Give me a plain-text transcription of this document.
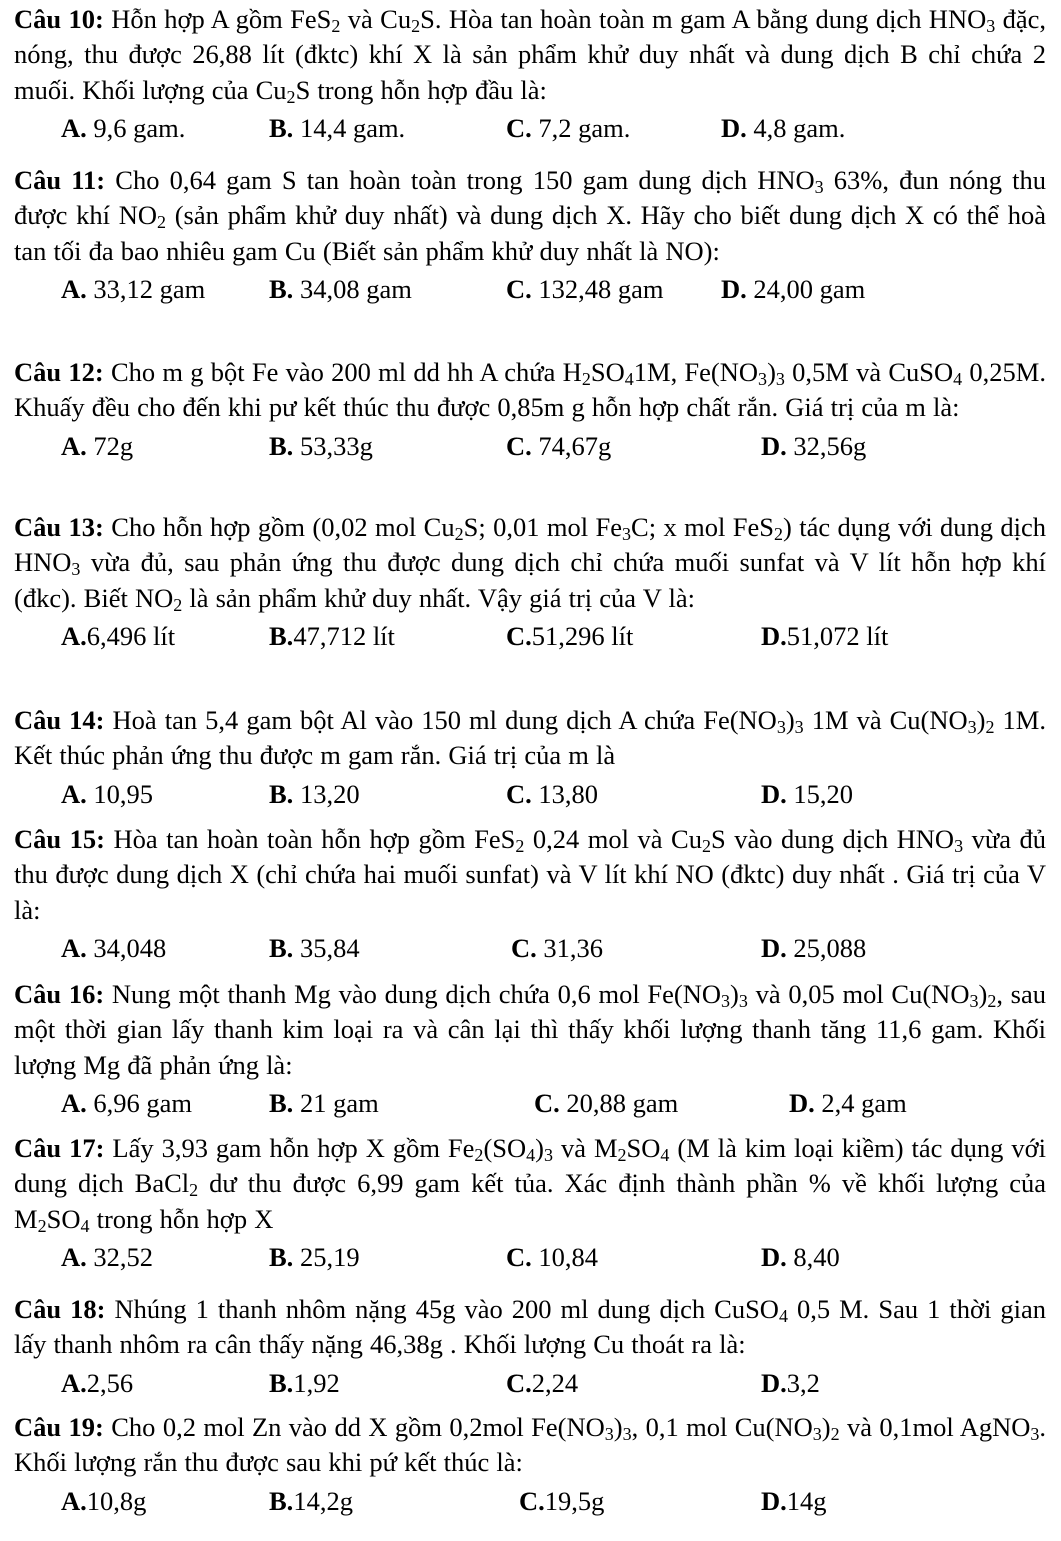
Câu 10: Hỗn hợp A gồm FeS$_2$ và $Cu_2S$. Hòa tan hoàn toàn m gam A bằng dung dịch $HNO_3$ đặc, nóng, thu được 26,88 lít (đktc) khí X là sản phẩm khử duy nhất và dung dịch B chỉ chứa 2 muối. Khối lượng của $Cu_2S$ trong hỗn hợp đầu là:

A. 9,6 gam.	B. 14,4 gam.	C. 7,2 gam.	D. 4,8 gam.

Câu 11: Cho 0,64 gam S tan hoàn toàn trong 150 gam dung dịch $HNO_3$ 63%, đun nóng thu được khí $NO_2$ (sản phẩm khử duy nhất) và dung dịch X. Hãy cho biết dung dịch X có thể hoà tan tối đa bao nhiêu gam Cu (Biết sản phẩm khử duy nhất là NO):

A. 33,12 gam B. 34,08 gam	C. 132,48 gam D. 24,00 gam

Câu 12: Cho m g bột Fe vào 200 ml dd hh A chứa $H_2SO_41M$, $Fe(NO_3)_3$ 0,5M và CuSO$_4$ 0,25M. Khuấy đều cho đến khi pư kết thúc thu được 0,85m g hỗn hợp chất rắn. Giá trị của m là:

A. 72g	B. 53,33g	C. 74,67g	D. 32,56g

Câu 13: Cho hỗn hợp gồm (0,02 mol $Cu_2S$; 0,01 mol $Fe_3C$; x mol FeS$_2$) tác dụng với dung dịch $HNO_3$ vừa đủ, sau phản ứng thu được dung dịch chỉ chứa muối sunfat và V lít hỗn hợp khí (đkc). Biết $NO_2$ là sản phẩm khử duy nhất. Vậy giá trị của V là:

A.6,496 lít	B.47,712 lít	C.51,296 lít	D.51,072 lít

Câu 14: Hoà tan 5,4 gam bột Al vào 150 ml dung dịch A chứa $Fe(NO_3)_3$ 1M và $Cu(NO_3)_2$ 1M. Kết thúc phản ứng thu được m gam rắn. Giá trị của m là

A. 10,95	B. 13,20	C. 13,80	D. 15,20

Câu 15: Hòa tan hoàn toàn hỗn hợp gồm FeS$_2$ 0,24 mol và $Cu_2S$ vào dung dịch $HNO_3$ vừa đủ thu được dung dịch X (chỉ chứa hai muối sunfat) và V lít khí NO (đktc) duy nhất . Giá trị của V là:

A. 34,048	B. 35,84	C. 31,36	D. 25,088

Câu 16: Nung một thanh Mg vào dung dịch chứa 0,6 mol $Fe(NO_3)_3$ và 0,05 mol $Cu(NO_3)_2$, sau một thời gian lấy thanh kim loại ra và cân lại thì thấy khối lượng thanh tăng 11,6 gam. Khối lượng Mg đã phản ứng là:

A. 6,96 gam	B. 21 gam	C. 20,88 gam	D. 2,4 gam

Câu 17: Lấy 3,93 gam hỗn hợp X gồm $Fe_2(SO_4)_3$ và $M_2SO_4$ (M là kim loại kiềm) tác dụng với dung dịch BaCl$_2$ dư thu được 6,99 gam kết tủa. Xác định thành phần % về khối lượng của $M_2SO_4$ trong hỗn hợp X

A. 32,52	B. 25,19	C. 10,84	D. 8,40

Câu 18: Nhúng 1 thanh nhôm nặng 45g vào 200 ml dung dịch CuSO$_4$ 0,5 M. Sau 1 thời gian lấy thanh nhôm ra cân thấy nặng 46,38g . Khối lượng Cu thoát ra là:

A.2,56	B.1,92	C.2,24	D.3,2

Câu 19: Cho 0,2 mol Zn vào dd X gồm 0,2mol $Fe(NO_3)_3$, 0,1 mol $Cu(NO_3)_2$ và 0,1mol AgNO$_3$. Khối lượng rắn thu được sau khi pứ kết thúc là:

A.10,8g	B.14,2g	C.19,5g	D.14g
